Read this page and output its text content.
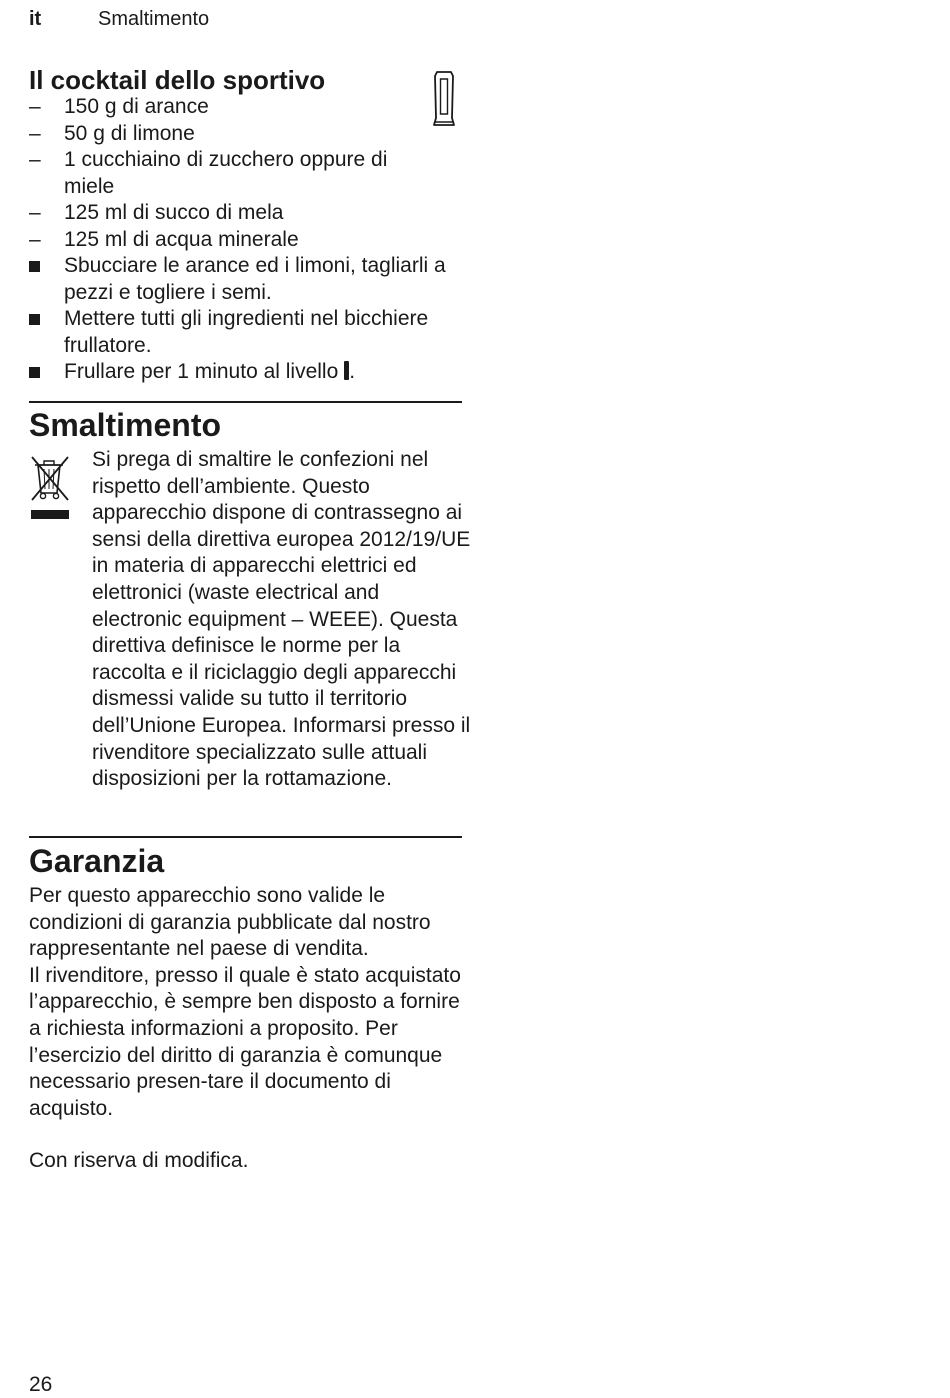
it	Smaltimento
Il cocktail dello sportivo
–	150 g di arance
–	50 g di limone
–	1 cucchiaino di zucchero oppure di miele
–	125 ml di succo di mela
–	125 ml di acqua minerale
Sbucciare le arance ed i limoni, tagliarli a pezzi e togliere i semi.
Mettere tutti gli ingredienti nel bicchiere frullatore.
Frullare per 1 minuto al livello .
Smaltimento

Si prega di smaltire le confezioni nel rispetto dell’ambiente. Questo apparecchio dispone di contrassegno ai sensi della direttiva europea 2012/19/UE in materia di apparecchi elettrici ed elettronici (waste electrical and electronic equipment – WEEE). Questa direttiva definisce le norme per la raccolta e il riciclaggio degli apparecchi dismessi valide su tutto il territorio dell’Unione Europea. Informarsi presso il rivenditore specializzato sulle attuali disposizioni per la rottamazione.

Garanzia
Per questo apparecchio sono valide le condizioni di garanzia pubblicate dal nostro rappresentante nel paese di vendita.
Il rivenditore, presso il quale è stato acquistato l’apparecchio, è sempre ben disposto a fornire a richiesta informazioni a proposito. Per l’esercizio del diritto di garanzia è comunque necessario presen-tare il documento di acquisto.

Con riserva di modifica.

26
